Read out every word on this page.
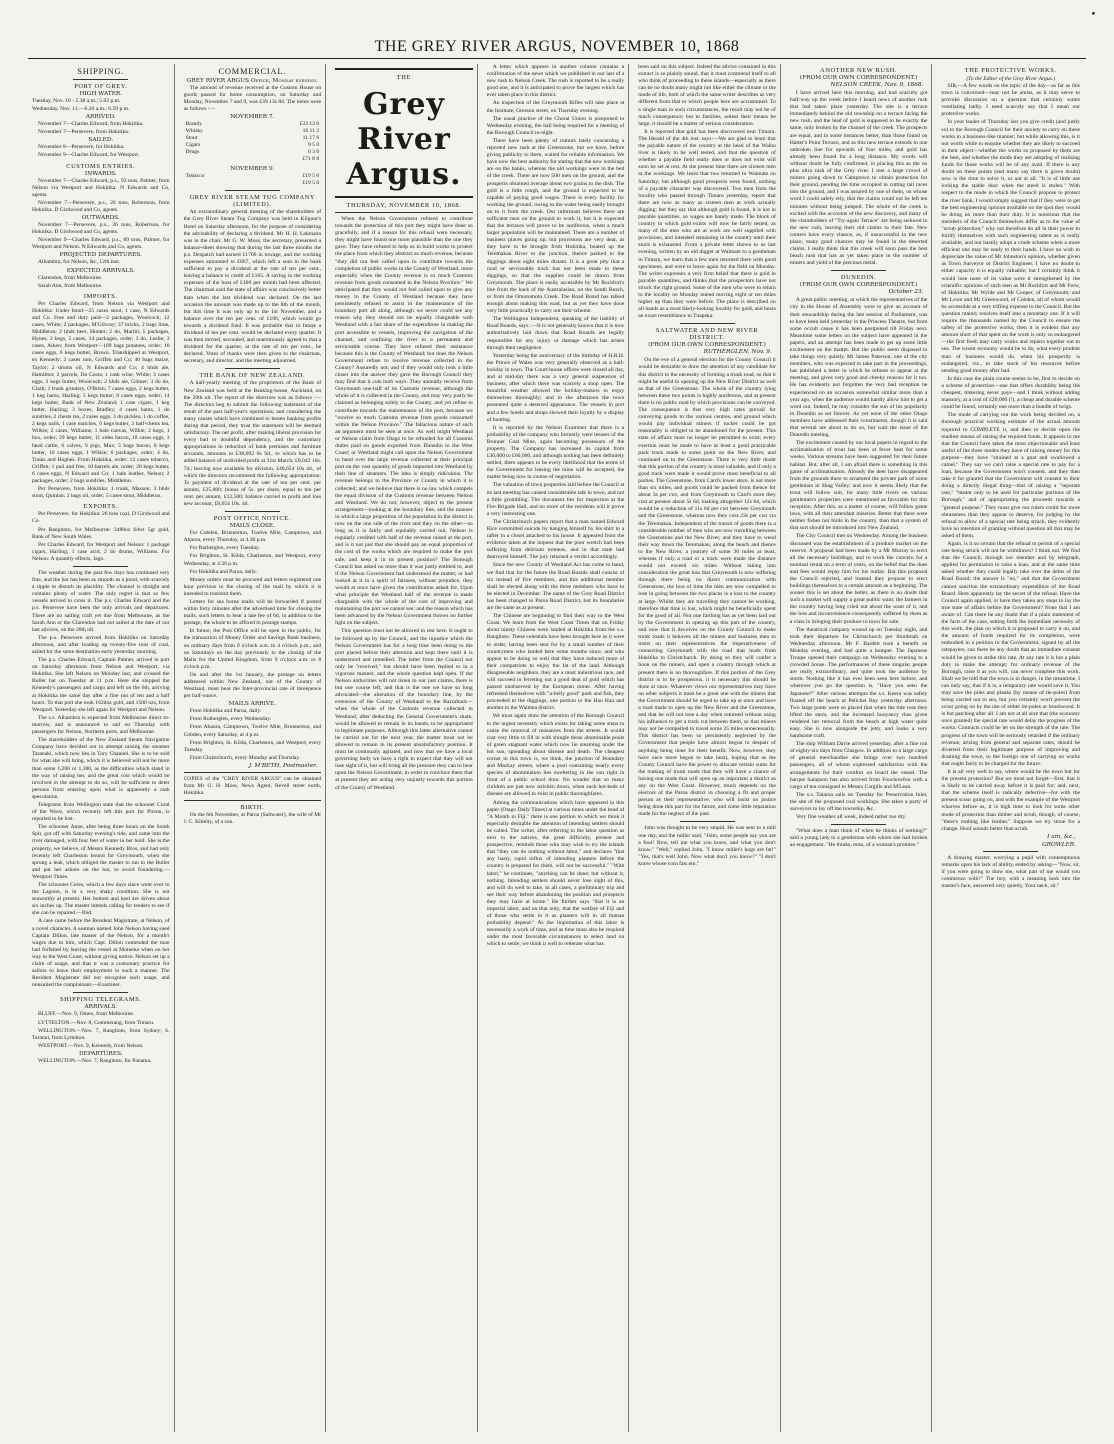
•
THE GREY RIVER ARGUS, NOVEMBER 10, 1868
SHIPPING.
PORT OF GREY.
HIGH WATER.

Tuesday, Nov. 10 - 5.38 a.m.; 5.02 p.m.

Wednesday, Nov. 11.—6.26 a.m.; 6.59 p.m.

ARRIVED.

November 7—Charles Edward, from Hokitika.

November 7—Persevere, from Hokitika.

SAILED.

November 8—Persevere, for Hokitika.

November 9—Charles Edward, for Westport.

CUSTOMS ENTRIES.
INWARDS.

November 7—Charles Edward, p.s., 93 tons, Palmer, from Nelson via Westport and Hokitika. N Edwards and Co, agents.

November 7—Persevere, p.s., 26 tons, Robertson, from Hokitika. D Girdwood and Co, agents.

OUTWARDS.

November 7—Persevere, p.s., 26 tons, Robertson, for Hokitika. D Girdwood and Co, agents.

November 9—Charles Edward, p.s., 89 tons, Palmer, for Westport and Nelson. N Edwards and Co, agents.

PROJECTED DEPARTURES.

Alhambra, for Nelson, &c, 12th inst.

EXPECTED ARRIVALS.

Clarendon, from Melbourne.

Sarah Ann, from Melbourne.

IMPORTS.

Per Charles Edward, from Nelson via Westport and Hokitika: Under bond—25 cases stout, 1 case, N Edwards and Co. Free and duty paid—2 packages, Woolcock; 12 cases, White; 2 packages, M'Gilvray; 37 bricks, 2 bags lime, Middleton; 2 hhds beer, Hunter; 2 do, Martin; 5 packages, Hynes; 2 kegs, 5 cases, 14 packages, order; 3 do, Leslie; 3 cases, Aiken; from Westport—109 bags potatoes, order; 10 cases eggs, 6 kegs butter, Brown. Transhipped at Westport, ex Kennedy: 2 cases rum, Griffen and Co; 40 bags maize, Taylor; 2 drums oil, N Edwards and Co; 4 hhds ale, Hamilton; 2 parcels, Da Costa; 1 cask wine, White; 3 cases eggs, 3 kegs butter, Woolcock; 2 hhds ale, Gilmer; 3 do do, Clark; 1 trunk grindery, O'Brien; 7 cases eggs, 2 kegs butter, 1 keg hams, Harling; 5 kegs butter, 8 cases eggs, order; 14 kegs butter, Bank of New Zealand; 1 case cigars, 1 keg butter, Harling; 3 boxes, Bradley; 4 cases hams, 1 do sundries, 2 chests tea, 2 cases eggs, 3 do pickles, 1 do coffee, 2 kegs nails, 1 case matches, 6 kegs butter, 3 half-chests tea, Wilkie; 2 cases, Williams; 1 bale canvas, Wilkie; 2 kegs, 1 box, order; 29 kegs butter, 11 sides bacon, 18 cases eggs, 3 head cattle, 6 calves, 9 pigs, Max; 5 bags bacon, 8 kegs butter, 16 cases eggs, J Wilkie; 6 packages, order; 4 do, Tonks and Hughes. From Hokitika, order: 12 cases tobacco, Griffen; 1 pail and free, 10 barrels ale, order; 20 kegs butter, 6 cases eggs, N Edward and Co; 1 bale leather, Nelson; 2 packages, order; 2 bags sundries, Middleton.

Per Persevere, from Hokitika: 1 trunk, Masson; 3 hhds stout, Quinlan; 2 bags oil, order; 5 cases stout, Middleton.

EXPORTS.

Per Persevere, for Hokitika: 26 tons coal, D Girdwood and Co.

Per Rangitoto, for Melbourne: 3488oz 6dwt 5gr gold, Bank of New South Wales.

Per Charles Edward, for Westport and Nelson: 1 package cigars, Harling; 1 case acid, 2 do drums, Williams. For Nelson: A quantity effects, Jago.

The weather during the past few days has continued very fine, and the bar has been as smooth as a pond, with scarcely a ripple to disturb its placidity. The channel is straight and contains plenty of water. The only regret is that so few vessels arrived to cross it. The p.s. Charles Edward and the p.s. Persevere have been the only arrivals and departures. There are no sailing craft yet due from Melbourne, as the Sarah Ann or the Clarendon had not sailed at the date of our last advices, on the 28th ult.

The p.s. Persevere arrived from Hokitika on Saturday afternoon, and after loading up twenty-five tons of coal, sailed for the same destination early yesterday morning.

The p.s. Charles Edward, Captain Palmer, arrived in port on Saturday afternoon from Nelson and Westport, via Hokitika. She left Nelson on Monday last, and crossed the Buller bar on Tuesday at 11 p.m. Here she shipped the Kennedy's passengers and cargo and left on the 6th, arriving at Hokitika the same day after a fine run of ten and a half hours. To that port she took 162doz gold, and 1500 ozs, from Westport. Yesterday she left again for Westport and Nelson.

The s.s. Alhambra is expected from Melbourne direct to-morrow, and is announced to sail on Thursday with passengers for Nelson, Northern ports, and Melbourne.

The shareholders of the New Zealand Steam Navigation Company have decided not to attempt raising the steamer Taranaki, which now lies in Tory Channel. She is to be sold for what she will bring, which it is believed will not be more than some 1,200 or 1,300, as the difficulties which stand in the way of raising her, and the great cost which would be involved in the attempt to do so, will be sufficient to deter persons from entering upon what is apparently a rash speculation.

Telegrams from Wellington state that the schooner Coral of the Wave, which recently left this port for Picton, is reported to be lost.

The schooner Anne, after being three hours on the South Spit, got off with Saturday evening's tide, and came into the river damaged, with four feet of water in her hold. She is the property, we believe, of Messrs Kennedy Bros, and had only recently left Charleston bound for Greymouth, when she sprung a leak, which obliged the master to run to the Buller and put her ashore on the bar, to avoid foundering.—Westport Times.

The schooner Ceres, which a few days since went over to the Lagoon, is in a very shaky condition. She is not seaworthy at present. Her bottom and keel are driven about six inches up. The master intends calling for tenders to see if she can be repaired.—Ibid.

A case came before the Resident Magistrate, at Nelson, of a novel character. A seaman named John Nelson having sued Captain Dillon, late master of the Nelson, for a month's wages due to him, which Capt. Dillon contended the man had forfeited by leaving the vessel at Motueka when on her way to the West Coast, without giving notice. Nelson set up a claim of usage, and that it was a customary practice for sailors to leave their employment in such a manner. The Resident Magistrate did not recognise such usage, and nonsuited the complainant.—Examiner.

SHIPPING TELEGRAMS.
ARRIVALS.

BLUFF.—Nov. 9, Omeo, from Melbourne.

LYTTELTON.—Nov. 8, Commerang, from Timaru.

WELLINGTON.—Nov. 7, Rangitoto, from Sydney; S. Taranui, from Lyttelton.

WESTPORT.—Nov. 9, Kennedy, from Nelson.

DEPARTURES.

WELLINGTON.—Nov. 7, Rangitoto, for Panama.

COMMERCIAL.
GREY RIVER ARGUS Office, Monday evening.

The amount of revenue received at the Custom House on goods passed for home consumption, on Saturday and Monday, November 7 and 9, was £39 13s 8d. The items were as follows :—

NOVEMBER 7.
Brandy	£33 12 0
Whisky	16 11 2
Stout	11 17 6
Cigars	9 5 0
Drugs	0 3 0
	£71 8 8
NOVEMBER 9.
Tobacco	£19 5 0
	£19 5 0
GREY RIVER STEAM TUG COMPANY (LIMITED).

An extraordinary general meeting of the shareholders of the Grey River Steam Tug Company was held in Kilgour's Hotel on Saturday afternoon, for the purpose of considering the advisability of declaring a dividend. Mr H. H. Lahmann was in the chair. Mr G. W. Moss, the secretary, presented a balance-sheet showing that during the last three months the p.s. Despatch had earned £1706 in towage, and the working expenses amounted to £867, which left a sum in the bank sufficient to pay a dividend at the rate of ten per cent., leaving a balance to credit of £165. A saving in the working expenses of the boat of £100 per month had been affected. The chairman said the state of affairs was conclusively better than when the last dividend was declared. On the last occasion the amount was made up to the 8th of the month, but this time it was only up to the 1st November, and a balance over the ten per cent. of £106, which would go towards a dividend fund. It was probable that in future a dividend of ten per cent. would be declared every quarter. It was then moved, seconded, and unanimously agreed to that a dividend for the quarter, at the rate of ten per cent., be declared. Votes of thanks were then given to the chairman, secretary, and director, and the meeting adjourned.

THE BANK OF NEW ZEALAND.

A half-yearly meeting of the proprietors of the Bank of New Zealand was held at the Banking-house, Auckland, on the 29th ult. The report of the directors was as follows :— The directors beg to submit the following statement of the result of the past half-year's operations; and considering the many causes which have combined to lessen banking profits during that period, they trust the statement will be deemed satisfactory. The net profit, after making liberal provision for every bad or doubtful dependency, and the customary appropriations in reduction of bank premises and furniture accounts, amounts to £38,692 0s 9d., to which has to be added balance of undivided profit at 31st March, £8,042 10s. 7d.; leaving now available for division, £46,654 10s 4d., of which the directors recommend the following appropriation: To payment of dividend at the rate of ten per cent. per annum, £25,000; bonus of 5s. per share, equal to ten per cent. per annum, £12,500; balance carried to profit and loss new account, £8,654 10s. 4d.

POST OFFICE NOTICE.
MAILS CLOSE.

For Cobden, Brunnerton, Twelve Mile, Camptown, and Ahaura, every Thursday, at 4.30 p.m.

For Rutherglen, every Tuesday.

For Brighton, St. Kilda, Charleston, and Westport, every Wednesday, at 4.30 p.m.

For Hokitika and Paroa, daily.

Money orders must be procured and letters registered one hour previous to the closing of the mail by which it is intended to transmit them.

Letters for sea borne mails will be forwarded if posted within forty minutes after the advertised time for closing the mails, such letters to bear a late fee of 6d, in addition to the postage, the whole to be affixed in postage stamps.

In future, the Post Office will be open to the public, for the transaction of Money Order and Savings Bank business, on ordinary days from 9 o'clock a.m. to 4 o'clock p.m., and on Saturdays on the day previously to the closing of the Mails for the United Kingdom, from 9 o'clock a.m. to 8 o'clock p.m.

On and after the 1st January, the postage on letters addressed within New Zealand, out of the County of Westland, must bear the Inter-provincial rate of threepence per half-ounce.

MAILS ARRIVE.

From Hokitika and Paroa, daily.

From Rutherglen, every Wednesday.

From Ahaura, Camptown, Twelve Mile, Brunnerton, and Cobden, every Saturday, at 4 p.m.

From Brighton, St. Kilda, Charleston, and Westport, every Tuesday.

From Christchurch, every Monday and Thursday.

J. M'BETH, Postmaster.

COPIES of the "GREY RIVER ARGUS" can be obtained from Mr G. H. Moss, News Agent, Revell street north, Hokitika.

BIRTH.

On the 6th November, at Paroa (Saltwater), the wife of Mr J. C. Kittelty, of a son.

THE
Grey River Argus.
THURSDAY, NOVEMBER 10, 1868.

When the Nelson Government refused to contribute towards the protection of this port they might have done so gracefully, and if a reason for this refusal were necessary, they might have found one more plausible than the one they gave. They have refused to help us to build works to protect the place from which they abstract so much revenue, because "they did not feel called upon to contribute towards the completion of public works in the County of Westland, more especially when the County revenue is so much Customs revenue from goods consumed in the Nelson Province." We anticipated that they would not feel called upon to give any money to the County of Westland because they have persistently refused to assist in the maintenance of the boundary port all along, although we never could see any reason why they should not be equally chargeable with Westland with a fair share of the expenditure in making the port accessible to vessels, improving the navigation of the channel, and confining the river to a permanent and serviceable course. They have refused their assistance because this is the County of Westland; but does the Nelson Government refuse to receive revenue collected in the County? Assuredly not, and if they would only look a little closer into the answer they gave the Borough Council they may find that it cuts both ways. They annually receive from Greymouth one-half of its Customs revenue, although the whole of it is collected in the County, and may very justly be claimed as belonging solely to the County, and yet refuse to contribute towards the maintenance of the port, because we "receive so much Customs revenue from goods consumed within the Nelson Province." The fallacious nature of such an argument must be seen at once. As well might Westland or Nelson claim from Otago to be refunded for all Customs duties paid on goods exported from Dunedin to the West Coast; or Westland might call upon the Nelson Government to hand over the large revenue collected at their principal port on the vast quantity of goods imported into Westland by their line of steamers. The idea is simply ridiculous. The revenue belongs to the Province or County in which it is collected; and we believe that there is no law which compels the equal division of the Customs revenue between Nelson and Westland. We do not, however, object to the present arrangement—looking at the boundary line, and the manner in which a large proportion of the population in the district is now on the one side of the river and they on the other—so long as it is fairly and equitably carried out, Nelson is regularly credited with half of the revenue raised at the port, and is it not just that she should pay an equal proportion of the cost of the works which are required to make the port safe, and keep it in its present position? The Borough Council has asked no more than it was justly entitled to, and if the Nelson Government had understood the matter, or had looked at it in a spirit of fairness, without prejudice, they would at once have given the contribution asked for. Upon what principle the Westland half of the revenue is made chargeable with the whole of the cost of improving and maintaining the port we cannot see; and the reason which has been advanced by the Nelson Government throws no further light on the subject.

This question must not be allowed to rest here. It ought to be followed up by the Council, and the injustice which the Nelson Government has for a long time been doing to the port placed before their attention and kept there until it is understood and remedied. The letter from the Council not only be "received," but should have been replied to in a vigorous manner, and the whole question kept open. If the Nelson authorities will not listen to our just claims, there is but one course left, and that is the one we have so long advocated—the alteration of the boundary line, by the extension of the County of Westland to the Razorback—when the whole of the Customs revenue collected in Westland, after deducting the General Government's share, would be allowed to remain in its hands, to be appropriated to legitimate purposes. Although this latter alternative cannot be carried out for the next year, the matter must not be allowed to remain in its present unsatisfactory position. It must be continually agitated, and now that we have a local governing body we have a right to expect that they will not lose sight of it, but will bring all the pressure they can to bear upon the Nelson Government, in order to convince them that at present they are acting very unjustly towards this portion of the County of Westland.

A letter which appears in another column contains a confirmation of the news which we published in our last of a new rush to Nelson Creek. The rush is reported to be a really good one, and it is anticipated to prove the largest which has ever taken place in this district.

An inspection of the Greymouth Rifles will take place at the Institute, Gresson street, on Thursday evening.

The usual practice of the Choral Union is postponed to Wednesday evening, the hall being required for a meeting of the Borough Council to-night.

There have been plenty of rumors lately concerning a reported new rush at the Greenstone, but we have, before giving publicity to them, waited for reliable information. We have now the best authority for stating that the new workings are on the banks, whereas the old workings were in the bed of the creek. There are now 500 men on the ground, and the prospects obtained average about two grains to the dish. The gold is a little rough, and the ground is expected to be capable of paying good wages. There is every facility for working the ground, owing to the water being easily brought on to it from the creek. Our informant believes there are sufficient men on the ground to work it, but it is expected that the terraces will prove to be auriferous, when a much larger population will be maintained. There are a number of business places going up, but provisions are very dear, as they have to be brought from Hokitika, boated up the Teremakau River to the junction, thence packed to the diggings about eight miles distant. It is a great pity that a road or serviceable track has not been made to these diggings, so that the supplies could be drawn from Greymouth. The place is easily accessible by Mr Rochfort's line from the back of the Australasian, on the South Beach, or from the Omotomotu Creek. The Road Board has talked enough about making this road, but as yet they have done very little practically to carry out their scheme.

The Wellington Independent, speaking of the liability of Road Boards, says :—It is not generally known that it is now authoritatively laid down that Road Boards are legally responsible for any injury or damage which has arisen through their negligence.

Yesterday being the anniversary of the birthday of H.R.H. the Prince of Wales was very generally observed as a half-holiday in town. The Court-house offices were closed all day, and at mid-day there was a very general suspension of business, after which there was scarcely a shop open. The beautiful weather allowed the holiday-makers to enjoy themselves thoroughly; and in the afternoon the town presented quite a deserted appearance. The vessels in port and a few hotels and shops showed their loyalty by a display of bunting.

It is reported by the Nelson Examiner that there is a probability of the company who formerly were lessees of the Brunner Coal Mine, again becoming possessors of the property. The Company has increased its capital from £30,000 to £60,000, and although nothing has been definitely settled, there appears to be every likelihood that the terms of the Government for leasing the mine will be accepted, the matter being now in course of negotiation.

The valuation of town properties laid before the Council at its last meeting has caused considerable talk in town, and not a little grumbling. The document lies for inspection at the Fire Brigade Hall, and no more of the residents will it prove a very interesting one.

The Christchurch papers report that a man named Edward Rice committed suicide by hanging himself by his shirt to a rafter in a closet attached to his house. It appeared from the evidence taken at the inquest that the poor wretch had been suffering from delirium tremens, and in that state had destroyed himself. The jury returned a verdict accordingly.

Since the new County of Westland Act has come to hand, we find that for the future the Road Boards shall consist of six instead of five members, and this additional member shall be elected along with the three members who have to be elected in December. The name of the Grey Road District has been changed to Paroa Road District, but its boundaries are the same as at present.

The Chinese are beginning to find their way to the West Coast. We learn from the West Coast Times that on Friday about ninety Chinese were landed at Hokitika from the s.s. Rangitoto. These celestials have been brought here as it were to order, having been sent for by a small number of their countrymen who landed here some months since, and who appear to be doing so well that they have induced more of their compatriots to enjoy the fat of the land. Although disagreeable neighbors, they are a most industrious race, and will succeed in ferreting out a good deal of gold which has passed unobserved by the European miner. After having refreshed themselves with "a-belly good" pork and fish, they proceeded to the diggings, one portion to the Hau Hau and another to the Waimea district.

We must again draw the attention of the Borough Council to the urgent necessity which exists for taking some steps to cause the removal of nuisances from the streets. It would cost very little to fill in with shingle those abominable pools of green stagnant water which now lie steaming under the hot sun, spreading about disease and death. The cheapest corner in this town is, we think, the junction of Boundary and Mackay streets, where a pool containing nearly every species of abomination lies sweltering in the sun right in front of a public school door. No wonder that so many children are just now stricken down, when such hot-beds of disease are allowed to exist in public thoroughfares.

Among the communications which have appeared in this paper (Otago Daily Times) at various times under the head of "A Month in Fiji," there is one portion to which we think it especially desirable the attention of intending settlers should be called. The writer, after referring to the labor question as next to the natives, the great difficulty, present and prospective, reminds those who may wish to try the islands that "they can do nothing without labor," and declares "that any hasty, rapid influx of intending planters before the country is prepared for them, will not be successful." "With labor," he continues, "anything can be done; but without it, nothing. Intending settlers should never lose sight of this, and will do well to take, in all cases, a preliminary trip and see their way before abandoning the position and prospects they may have at home." He further says "that it is an imperial labor, and on that only, that the welfare of Fiji and of those who settle in it as planters will in all human probability depend." As the importation of this labor is necessarily a work of time, and as time must also be required under the most favorable circumstances to select land on which to settle, we think it well to reiterate what has

been said on this subject. Indeed the advice contained in this extract is so plainly sound, that it must commend itself to all who think of proceeding to these islands—especially as there can be no doubt many might not like either the climate or the mode of life, both of which the same writer describes as very different from that to which people here are accustomed. To a single man in such circumstances, the result may not be of much consequence; but to families, unless their means be large, it should be a matter of serious consideration.

It is reported that gold has been discovered near Timaru. The Herald of the 4th inst. says:—We are glad to learn that the payable nature of the country at the head of the Waiho river is likely to be well tested, and that the question of whether a payable field really does or does not exist will soon be set at rest. At the present time there are sixteen men at the workings. We learn that two returned to Waimate on Saturday; but although good prospects were found, nothing of a payable character was discovered. Two men from the locality who passed through Timaru yesterday, report that there are now as many as sixteen men at work actually digging; but they say that although gold is found, it is not in payable quantities, so wages are barely made. The block of country in which gold exists will now be fairly tested, as many of the men who are at work are well supplied with provisions, and intended remaining in the country until their stock is exhausted. From a private letter shown to us last evening, written by an old digger at Waimate to a gentleman in Timaru, we learn that a few men returned there with good specimens, and were to leave again for the field on Monday. The writer expresses a very firm belief that there is gold in payable quantities, and thinks that the prospectors have not struck the right ground. Some of the men who were to return to the locality on Monday intend moving eight or ten miles higher up than they were before. The place is described on all hands as a most likely-looking locality for gold, and bears an exact resemblance to Tuapeka.

SALTWATER AND NEW RIVER DISTRICT.
(FROM OUR OWN CORRESPONDENT.)
RUTHERGLEN, Nov. 9.

On the eve of a general election for the County Council it would be desirable to draw the attention of any candidate for this district to the necessity of forming a trunk road, so that it might be useful in opening up the New River District as well as that of the Greenstone. The whole of the country lying between these two points is highly auriferous, and at present there is no public road by which provisions can be conveyed. The consequence is that very high rates prevail for conveying goods to the various centres, and ground which would pay individual miners if tucker could be got reasonably is obliged to be abandoned for the present. This state of affairs must no longer be permitted to exist; every exertion must be made to have at least a good practicable pack track made to some point on the New River, and continued on to the Greenstone. There is very little doubt that this portion of the country is most valuable, and if only a good track were made it would prove most beneficial to all parties. The Greenstone, from Card's lower store, is not more than six miles, and goods could be packed from thence for about 3s per cwt, and from Greymouth to Card's store they cost at present about 5s 6d, making altogether 12s 6d, which would be a reduction of 11s 6d per cwt between Greymouth and the Greenstone, whereas now they cost 23s per cwt via the Teremakau. Independent of the transit of goods there is a considerable number of men who are now travelling between the Greenstone and the New River, and they have to wend their way down the Teremakau, along the beach and thence to the New River, a journey of some 30 miles at least, whereas if only a road or a track were made the distance would not exceed six miles. Without taking into consideration the great loss that Greymouth is now suffering through there being no direct communication with Greenstone, the loss of time the men are now compelled to lose in going between the two places is a loss to the country at large. Whilst they are travelling they cannot be working, therefore that time is lost, which might be beneficially spent for the good of all. Not one farthing has as yet been laid out by the Government in opening up this part of the country, and now that it devolves on the County Council to make trunk roads it behoves all the miners and business men to insist on their representatives the imperativeness of connecting Greymouth with the road that leads from Hokitika to Christchurch. By doing so they will confer a boon on the miners, and open a country through which at present there is no thoroughfare. If this portion of the Grey district is to be prosperous, it is necessary this should be done at once. Whatever views our representatives may have on other subjects it must be a great one with the miners that the Government should be urged to take up at once and have a road made to open up the New River and the Greenstone, and that he will not lose a day when returned without using his influence to get a track cut between them, so that miners may not be compelled to travel some 25 miles unnecessarily. This district has been so persistently neglected by the Government that people have almost begun to despair of anything being done for their benefit. Now, however, they have once more begun to take heart, hoping that as the County Council have the power to allocate certain sums for the making of trunk roads that they will have a chance of having one made that will open up an important a district as any on the West Coast. However, much depends on the electors of the Paroa district in choosing a fit and proper person as their representative, who will insist on justice being done this part for the future, and some little reparation made for the neglect of the past.

John was thought to be very stupid. He was sent to a mill one day, and the miller said, "John, some people say you are a fool! Now, tell me what you know, and what you don't know." "Well," replied John, "I know miller's hogs are fat!" "Yes, that's well John. Now what don't you know?" "I don't know whose corn fats em."

ANOTHER NEW RUSH.
(FROM OUR OWN CORRESPONDENT.)
NELSON CREEK, Nov. 9, 1868.

I have arrived here this morning, and had scarcely got half-way up the creek before I heard news of another rush that had taken place yesterday. The site is a terrace immediately behind the old township on a terrace facing the new rush, and the lead of gold is supposed to be exactly the same, only broken by the channel of the creek. The prospects are equal, and in some instances better, than those found on Hatter's Point Terrace, and as this new terrace extends in one unbroken line for upwards of four miles, and gold has already been found for a long distance. My words will without doubt be fully confirmed, in placing this as the no plus ultra rush of the Grey river. I met a large crowd of miners going down to Camptown to obtain protection for their ground, pending the time occupied in cutting tail races into the ground, and I was assured by one of them, on whose word I could safely rely, that the claims could not be left ten minutes without being jumped. The whole of the creek is excited with the accounts of the new discovery, and many of the claimholders of "Try-again Terrace" are being seduced to the new rush, leaving their old claims to their fate. New comers have every chance, as, if unsuccessful in the new place, many good chances may be found in the deserted claims. I really think that this creek will soon pass the best beach rush that has as yet taken place in the number of miners and yield of the precious metal.

DUNEDIN.
(FROM OUR OWN CORRESPONDENT.)
October 23.

A great public meeting, at which the representatives of the city in the House of Assembly were to give an account of their stewardship during the late session of Parliament, was to have been held yesterday in the Princess Theatre, but from some occult cause it has been postponed till Friday next. Meantime some letters on the subject have appeared in the papers, and an attempt has been made to get up some little excitement on the matter. But the public seem disposed to take things very quietly. Mr James Paterson, one of the city members, who was expected to take part in the proceedings, has published a letter in which he refuses to appear at the meeting, and gives very good and cheeky reasons for it too. He has evidently not forgotten the very bad reception he experienced on an occasion somewhat similar more than a year ago, when the audience would hardly allow him to get a word out. Indeed, he may consider the sun of his popularity in Dunedin as set forever. As yet none of the other Otago members have addressed their constituents, though it is said that several are about to do so, but wait the issue of the Dunedin meeting.

The excitement caused by our local papers in regard to the acclimatisation of trout has been at fever heat for some weeks. Various streams have been suggested for their future habitat. But, after all, I am afraid there is something in this game of acclimatisation. Already the deer have disappeared from the grounds there to ornament the private park of some gentleman in Shag Valley; and now it seems likely that the trout will follow suit, for many little rivers on various gentlemen's properties were mentioned as favorable for this reception. After this, as a matter of course, will follow game laws, with all their attendant miseries. Better that there were neither fishes nor birds in the country, than that a system of that sort should be introduced into New Zealand.

The City Council met on Wednesday. Among the business discussed was the establishment of a produce market on the reserve. A proposal had been made by a Mr Murray to erect all the necessary buildings, and to work the concern for a nominal rental on a term of years, on the belief that the dues and fees would repay him for his outlay. But this proposal the Council rejected, and instead they propose to erect buildings themselves to a certain amount as a beginning. The sooner this is set about the better, as there is no doubt that such a market will supply a great public want; the farmers in the country having long cried out about the want of it, and the loss and inconvenience consequently suffered by them as a class in bringing their produce to town for sale.

The theatrical company wound up on Tuesday night, and took their departure for Christchurch per Sturdmah on Wednesday afternoon. Mr F. Bardett took a benefit on Monday evening, and had quite a bumper. The Japanese Troupe opened their campaign on Wednesday evening to a crowded house. The performances of these singular people are really extraordinary, and quite took the audience by storm. Nothing like it has ever been seen here before, and wherever you go the question is, "Have you seen the Japanese?" After various attempts the s.s. Keera was safely floated off the beach at Pelichet Bay yesterday afternoon. Two large punts were so placed that when the tide rose they lifted the stern, and the increased buoyancy thus given rendered her removal from the beach at high water quite easy. She is now alongside the jetty, and looks a very handsome craft.

The ship William Davie arrived yesterday, after a fine run of eighty-six days from Glasgow. In addition to a large cargo of general merchandise she brings over two hundred passengers, all of whom expressed satisfaction with the arrangements for their comfort on board the vessel. The barque Sampson has also arrived from Foochowfoo with a cargo of tea consigned to Messrs Cargills and M'Lean.

The s.s. Taiaroa sails on Tuesday for Preservation Inlet, the site of the proposed coal workings. She takes a party of surveyors to lay off the township, &c.

Very fine weather all week, indeed rather too dry.

"What does a man think of when he thinks of nothing?" said a young lady to a gentleman with whom she had broken an engagement. "He thinks, miss, of a woman's promise."

THE PROTECTIVE WORKS.
(To the Editor of the Grey River Argus.)

SIR,—A few words on the topic of the day—as far as this town is concerned—may not be amiss, as it may serve to provoke discussion on a question that certainly wants ventilating badly. I need scarcely say that I mean our protective works.

In your leader of Thursday last you give credit (and justly so) to the Borough Council for their anxiety to carry on these works in a business-like manner; but while allowing this, is it not worth while to enquire whether they are likely to succeed in their object—whether the works so proposed by them are the best, and whether the mode they are adopting of realising funds for those works will be of any avail. If there is any doubt on these points (and many say there is grave doubt) now is the time to solve it, or not at all. "It is of little use locking the stable door when the steed is stolen." With respect to the mode in which the Council propose to protect the river bank, I would simply suggest that if they were to get the best engineering opinion available on the spot they would be doing no more than their duty. It is notorious that the members of the Council themselves differ as to the value of "scrub protection;" why not therefore do all in their power to fortify themselves with such engineering talent as is really available, and not hastily adopt a crude scheme when a more efficient one may be ready to their hands. I have no wish to depreciate the value of Mr Johnston's opinion, whether given as Town Surveyor or District Engineer. I have no doubt in either capacity it is equally valuable; but I certainly think it would lose none of its value were it strengthened by the scientific opinions of such men as Mr Rochfort and Mr Frew, of Hokitika; Mr Wylde and Mr Cooper, of Greymouth; and Mr Lowe and Mr Greenwood, of Cobden, all of whom would be accessible at a very trifling expense to the Council. But the question mainly resolves itself into a monetary one. If it will require the thousands named by the Council to ensure the safety of the protective works, then it is evident that any amount short of that spent on the work is only so endangered—the first fresh may carry works and repairs together out to sea. The wisest economy would be to do, what every prudent man of business would do, when his prosperity is endangered, viz., to take stock of his resources before sending good money after bad.

In this case the plain course seems to be, first to decide on a scheme of protection—one that offers durability being the cheapest, tinkering never pays—and I think without adding masonry, at a cost of £20,000 (!), a cheap and durable scheme could be found, certainly one more than a bundle of twigs.

The mode of carrying out the work being decided on, a thorough practical working estimate of the actual amount required to COMPLETE it, and then to decide upon the readiest means of raising the required funds. It appears to me that the Council have taken the most objectionable and least useful of the three modes they have of raising money for this purpose—they have "strained at a gnat and swallowed a camel." They say we can't raise a special rate to pay for a loan, because the Government won't consent, and they then take it for granted that the Government will consent to their doing a directly illegal thing—that of raising a "separate rate," "meant only to be used for particular portions of the Borough," and of appropriating the proceeds towards a "general purpose." They must give our rulers credit for more obtuseness than they appear to deserve, for judging by the refusal to allow of a special rate being struck, they evidently have no intention of granting without question all that may be asked of them.

Again, is it so certain that the refusal to permit of a special rate being struck will not be withdrawn? I think not. We find that the Council, through our member and by telegraph, applied for permission to raise a loan, and at the same time asked whether they could legally take over the debts of the Road Board; the answer is "no," and that the Government cannot sanction the extraordinary expenditure of the Road Board. Here apparently lay the secret of the refusal. Have the Council again applied, or have they taken any steps to lay the true state of affairs before the Government? None that I am aware of. Can there be any doubt that if a plain statement of the facts of the case, setting forth the immediate necessity of this work, the plan on which it is proposed to carry it on, and the amount of funds required for its completion, were embodied in a petition to the Government, signed by all the ratepayers, can there be any doubt that an immediate consent would be given to strike this rate. At any rate it is but a plain duty to make the attempt; for ordinary revenue of the Borough, raise it as you will, can never complete this work. Shall we be told that the town is in danger, in the meantime, I can only say, that if it is, a temporary rate would save it. You may save the piles and planks (by means of tie-poles) from being carried out to sea, but you certainly won't prevent the scour going on by the use of either tie-poles or brushwood. It is but patching after all. I am not at all sure that (the economy once granted) the special rate would delay the progress of the works. Contracts could be let on the strength of the rate. The progress of the town will be seriously retarded if the ordinary revenue, arising from general and separate rates, should be diverted from their legitimate purpose of improving and draining the town, to the foreign one of carrying on works that ought fairly to be charged for the future.

It is all very well to say, where would be the town but for the present protection? But we must not forget—first, that it is likely to be carried away before it is paid for; and, next, that the scheme itself is radically defective—for with the present scour going on, and with the example of the Westport wharves before us, it is high time to look for some other mode of protection than timber and scrub, though, of course, "there's nothing like leather." Suppose we try stone for a change. Hoof sounds better than scrub.

I am, &c.,
GROWLER.

A drawing master, worrying a pupil with contemptuous remarks upon his lack of ability, ended by asking—"Now, sir, if you were going to draw me, what part of me would you commence with?" The boy, with a meaning look into the master's face, answered very quietly, Your neck, sir."
